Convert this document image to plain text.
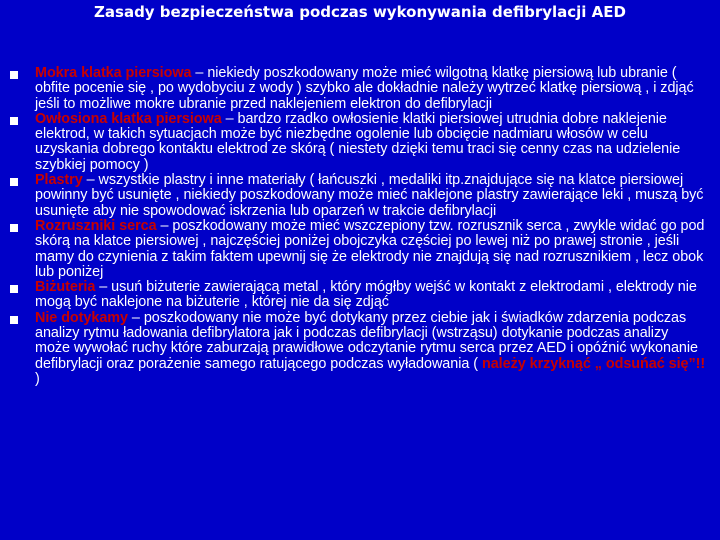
Zasady bezpieczeństwa podczas wykonywania defibrylacji AED
Mokra klatka piersiowa – niekiedy poszkodowany może mieć wilgotną klatkę piersiową lub ubranie ( obfite pocenie się , po wydobyciu z wody ) szybko ale dokładnie należy wytrzeć klatkę piersiową , i zdjąć jeśli to możliwe mokre ubranie przed naklejeniem elektron do defibrylacji
Owłosiona klatka piersiowa – bardzo rzadko owłosienie klatki piersiowej utrudnia dobre naklejenie elektrod, w takich sytuacjach może być niezbędne ogolenie lub obcięcie nadmiaru włosów w celu uzyskania dobrego kontaktu elektrod ze skórą ( niestety dzięki temu traci się cenny czas na udzielenie szybkiej pomocy )
Plastry – wszystkie plastry i inne materiały ( łańcuszki , medaliki itp.znajdujące się na klatce piersiowej powinny być usunięte , niekiedy poszkodowany może mieć naklejone plastry zawierające leki , muszą być usunięte aby nie spowodować iskrzenia lub oparzeń w trakcie defibrylacji
Rozruszniki serca – poszkodowany może mieć wszczepiony tzw. rozrusznik serca , zwykle widać go pod skórą na klatce piersiowej , najczęściej poniżej obojczyka częściej po lewej niż po prawej stronie , jeśli mamy do czynienia z takim faktem upewnij się że elektrody nie znajdują się nad rozrusznikiem , lecz obok lub poniżej
Biżuteria – usuń biżuterie zawierającą metal , który mógłby wejść w kontakt z elektrodami , elektrody nie mogą być naklejone na biżuterie , której nie da się zdjąć
Nie dotykamy – poszkodowany nie może być dotykany przez ciebie jak i świadków zdarzenia podczas analizy rytmu ładowania defibrylatora jak i podczas defibrylacji (wstrząsu) dotykanie podczas analizy może wywołać ruchy które zaburzają prawidłowe odczytanie rytmu serca przez AED i opóźnić wykonanie defibrylacji oraz porażenie samego ratującego podczas wyładowania ( należy krzyknąć „ odsuńać się”!! )
